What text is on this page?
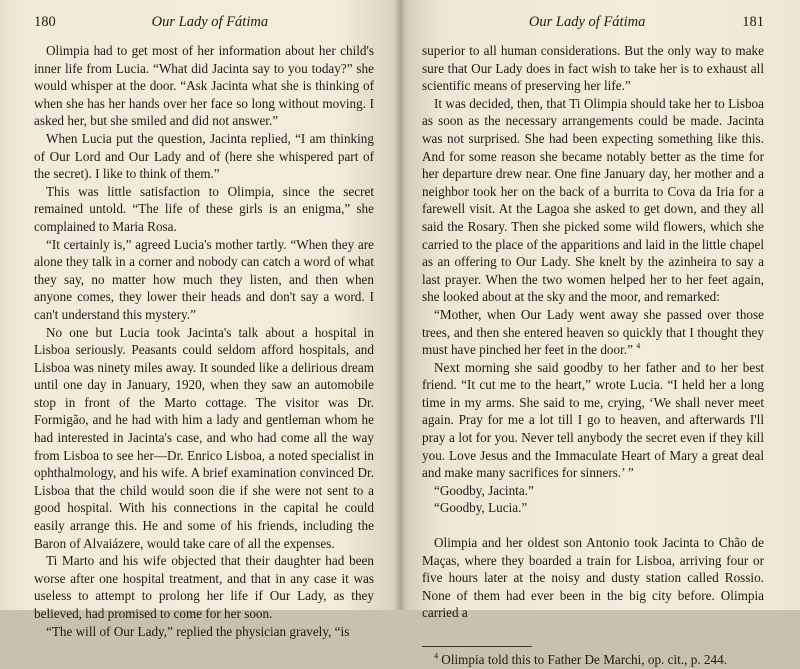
180	Our Lady of Fátima

Olimpia had to get most of her information about her child's inner life from Lucia. “What did Jacinta say to you today?” she would whisper at the door. “Ask Jacinta what she is thinking of when she has her hands over her face so long without moving. I asked her, but she smiled and did not answer.”

When Lucia put the question, Jacinta replied, “I am thinking of Our Lord and Our Lady and of (here she whispered part of the secret). I like to think of them.”

This was little satisfaction to Olimpia, since the secret remained untold. “The life of these girls is an enigma,” she complained to Maria Rosa.

“It certainly is,” agreed Lucia's mother tartly. “When they are alone they talk in a corner and nobody can catch a word of what they say, no matter how much they listen, and then when anyone comes, they lower their heads and don't say a word. I can't understand this mystery.”

No one but Lucia took Jacinta's talk about a hospital in Lisboa seriously. Peasants could seldom afford hospitals, and Lisboa was ninety miles away. It sounded like a delirious dream until one day in January, 1920, when they saw an automobile stop in front of the Marto cottage. The visitor was Dr. Formigão, and he had with him a lady and gentleman whom he had interested in Jacinta's case, and who had come all the way from Lisboa to see her—Dr. Enrico Lisboa, a noted specialist in ophthalmology, and his wife. A brief examination convinced Dr. Lisboa that the child would soon die if she were not sent to a good hospital. With his connections in the capital he could easily arrange this. He and some of his friends, including the Baron of Alvaiázere, would take care of all the expenses.

Ti Marto and his wife objected that their daughter had been worse after one hospital treatment, and that in any case it was useless to attempt to prolong her life if Our Lady, as they believed, had promised to come for her soon.

“The will of Our Lady,” replied the physician gravely, “is

Our Lady of Fátima	181

superior to all human considerations. But the only way to make sure that Our Lady does in fact wish to take her is to exhaust all scientific means of preserving her life.”

It was decided, then, that Ti Olimpia should take her to Lisboa as soon as the necessary arrangements could be made. Jacinta was not surprised. She had been expecting something like this. And for some reason she became notably better as the time for her departure drew near. One fine January day, her mother and a neighbor took her on the back of a burrita to Cova da Iria for a farewell visit. At the Lagoa she asked to get down, and they all said the Rosary. Then she picked some wild flowers, which she carried to the place of the apparitions and laid in the little chapel as an offering to Our Lady. She knelt by the azinheira to say a last prayer. When the two women helped her to her feet again, she looked about at the sky and the moor, and remarked:

“Mother, when Our Lady went away she passed over those trees, and then she entered heaven so quickly that I thought they must have pinched her feet in the door.” $^4$

Next morning she said goodby to her father and to her best friend. “It cut me to the heart,” wrote Lucia. “I held her a long time in my arms. She said to me, crying, ‘We shall never meet again. Pray for me a lot till I go to heaven, and afterwards I'll pray a lot for you. Never tell anybody the secret even if they kill you. Love Jesus and the Immaculate Heart of Mary a great deal and make many sacrifices for sinners.’ ”

“Goodby, Jacinta.”

“Goodby, Lucia.”

Olimpia and her oldest son Antonio took Jacinta to Chão de Maças, where they boarded a train for Lisboa, arriving four or five hours later at the noisy and dusty station called Rossio. None of them had ever been in the big city before. Olimpia carried a

$^4$ Olimpia told this to Father De Marchi, op. cit., p. 244.
